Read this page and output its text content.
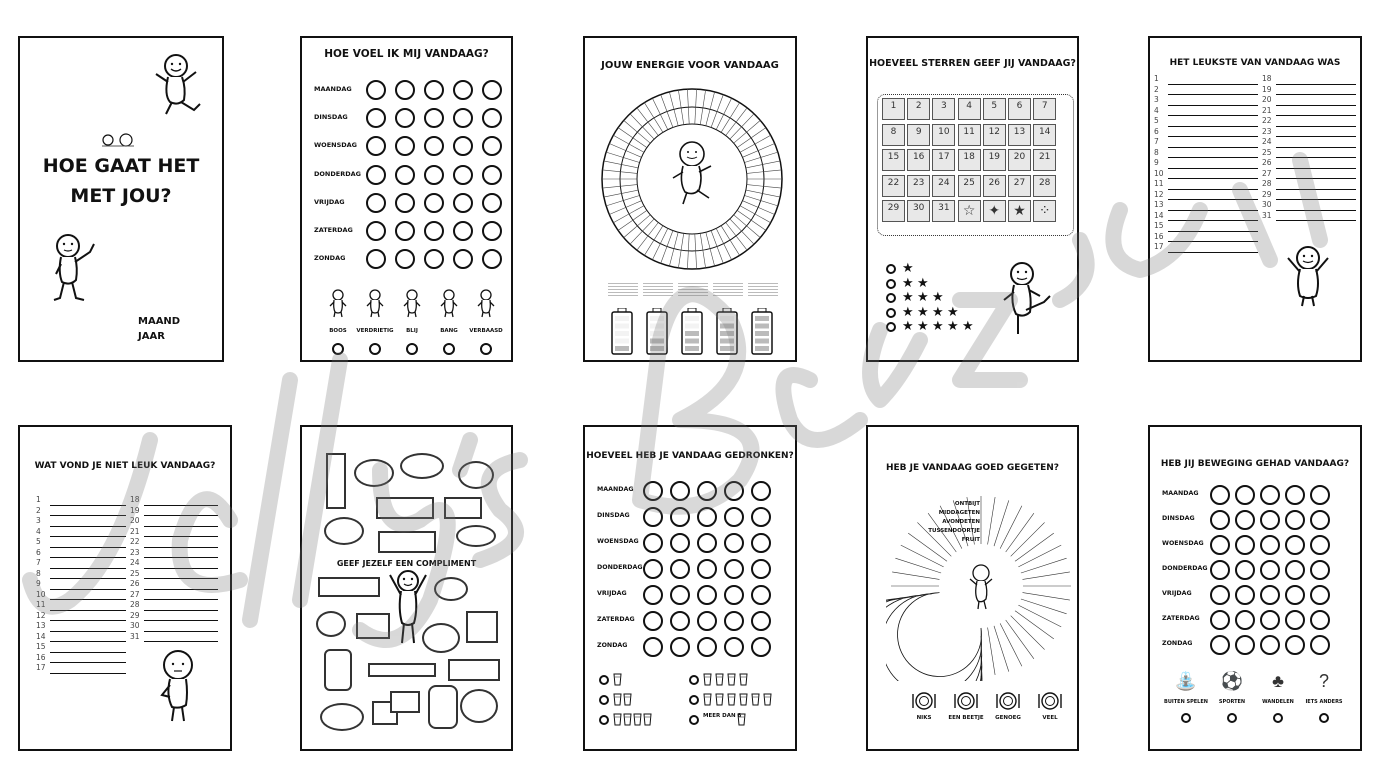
HOE GAAT HET
MET JOU?
MAAND
JAAR
HOE VOEL IK MIJ VANDAAG?
MAANDAG
DINSDAG
WOENSDAG
DONDERDAG
VRIJDAG
ZATERDAG
ZONDAG
BOOS	VERDRIETIG	BLIJ	BANG	VERBAASD
JOUW ENERGIE VOOR VANDAAG	HOEVEEL STERREN GEEF JIJ VANDAAG?
1	2	3	4	5	6	7
8	9	10	11	12	13	14
15	16	17	18	19	20	21
22	23	24	25	26	27	28
29	30	31 ☆ ✦ ★ ⁘
★
★ ★
★ ★ ★
★ ★ ★ ★
★ ★ ★ ★ ★
HET LEUKSTE VAN VANDAAG WAS
1
2
3
4
5
6
7
8
9
10
11
12
13
14
15
16
17
18
19
20
21
22
23
24
25
26
27
28
29
30
31
WAT VOND JE NIET LEUK VANDAAG?
1
2
3
4
5
6
7
8
9
10
11
12
13
14
15
16
17
18
19
20
21
22
23
24
25
26
27
28
29
30
31
GEEF JEZELF EEN COMPLIMENT
HOEVEEL HEB JE VANDAAG GEDRONKEN?
MAANDAG
DINSDAG
WOENSDAG
DONDERDAG
VRIJDAG
ZATERDAG
ZONDAG
MEER DAN 8
HEB JE VANDAAG GOED GEGETEN?
ONTBIJT
MIDDAGETEN
AVONDETEN
TUSSENDOORTJE
FRUIT
NIKS	EEN BEETJE	GENOEG	VEEL
HEB JIJ BEWEGING GEHAD VANDAAG?
MAANDAG
DINSDAG
WOENSDAG
DONDERDAG
VRIJDAG
ZATERDAG
ZONDAG
⛲
BUITEN SPELEN
⚽
SPORTEN
♣
WANDELEN
?
IETS ANDERS
